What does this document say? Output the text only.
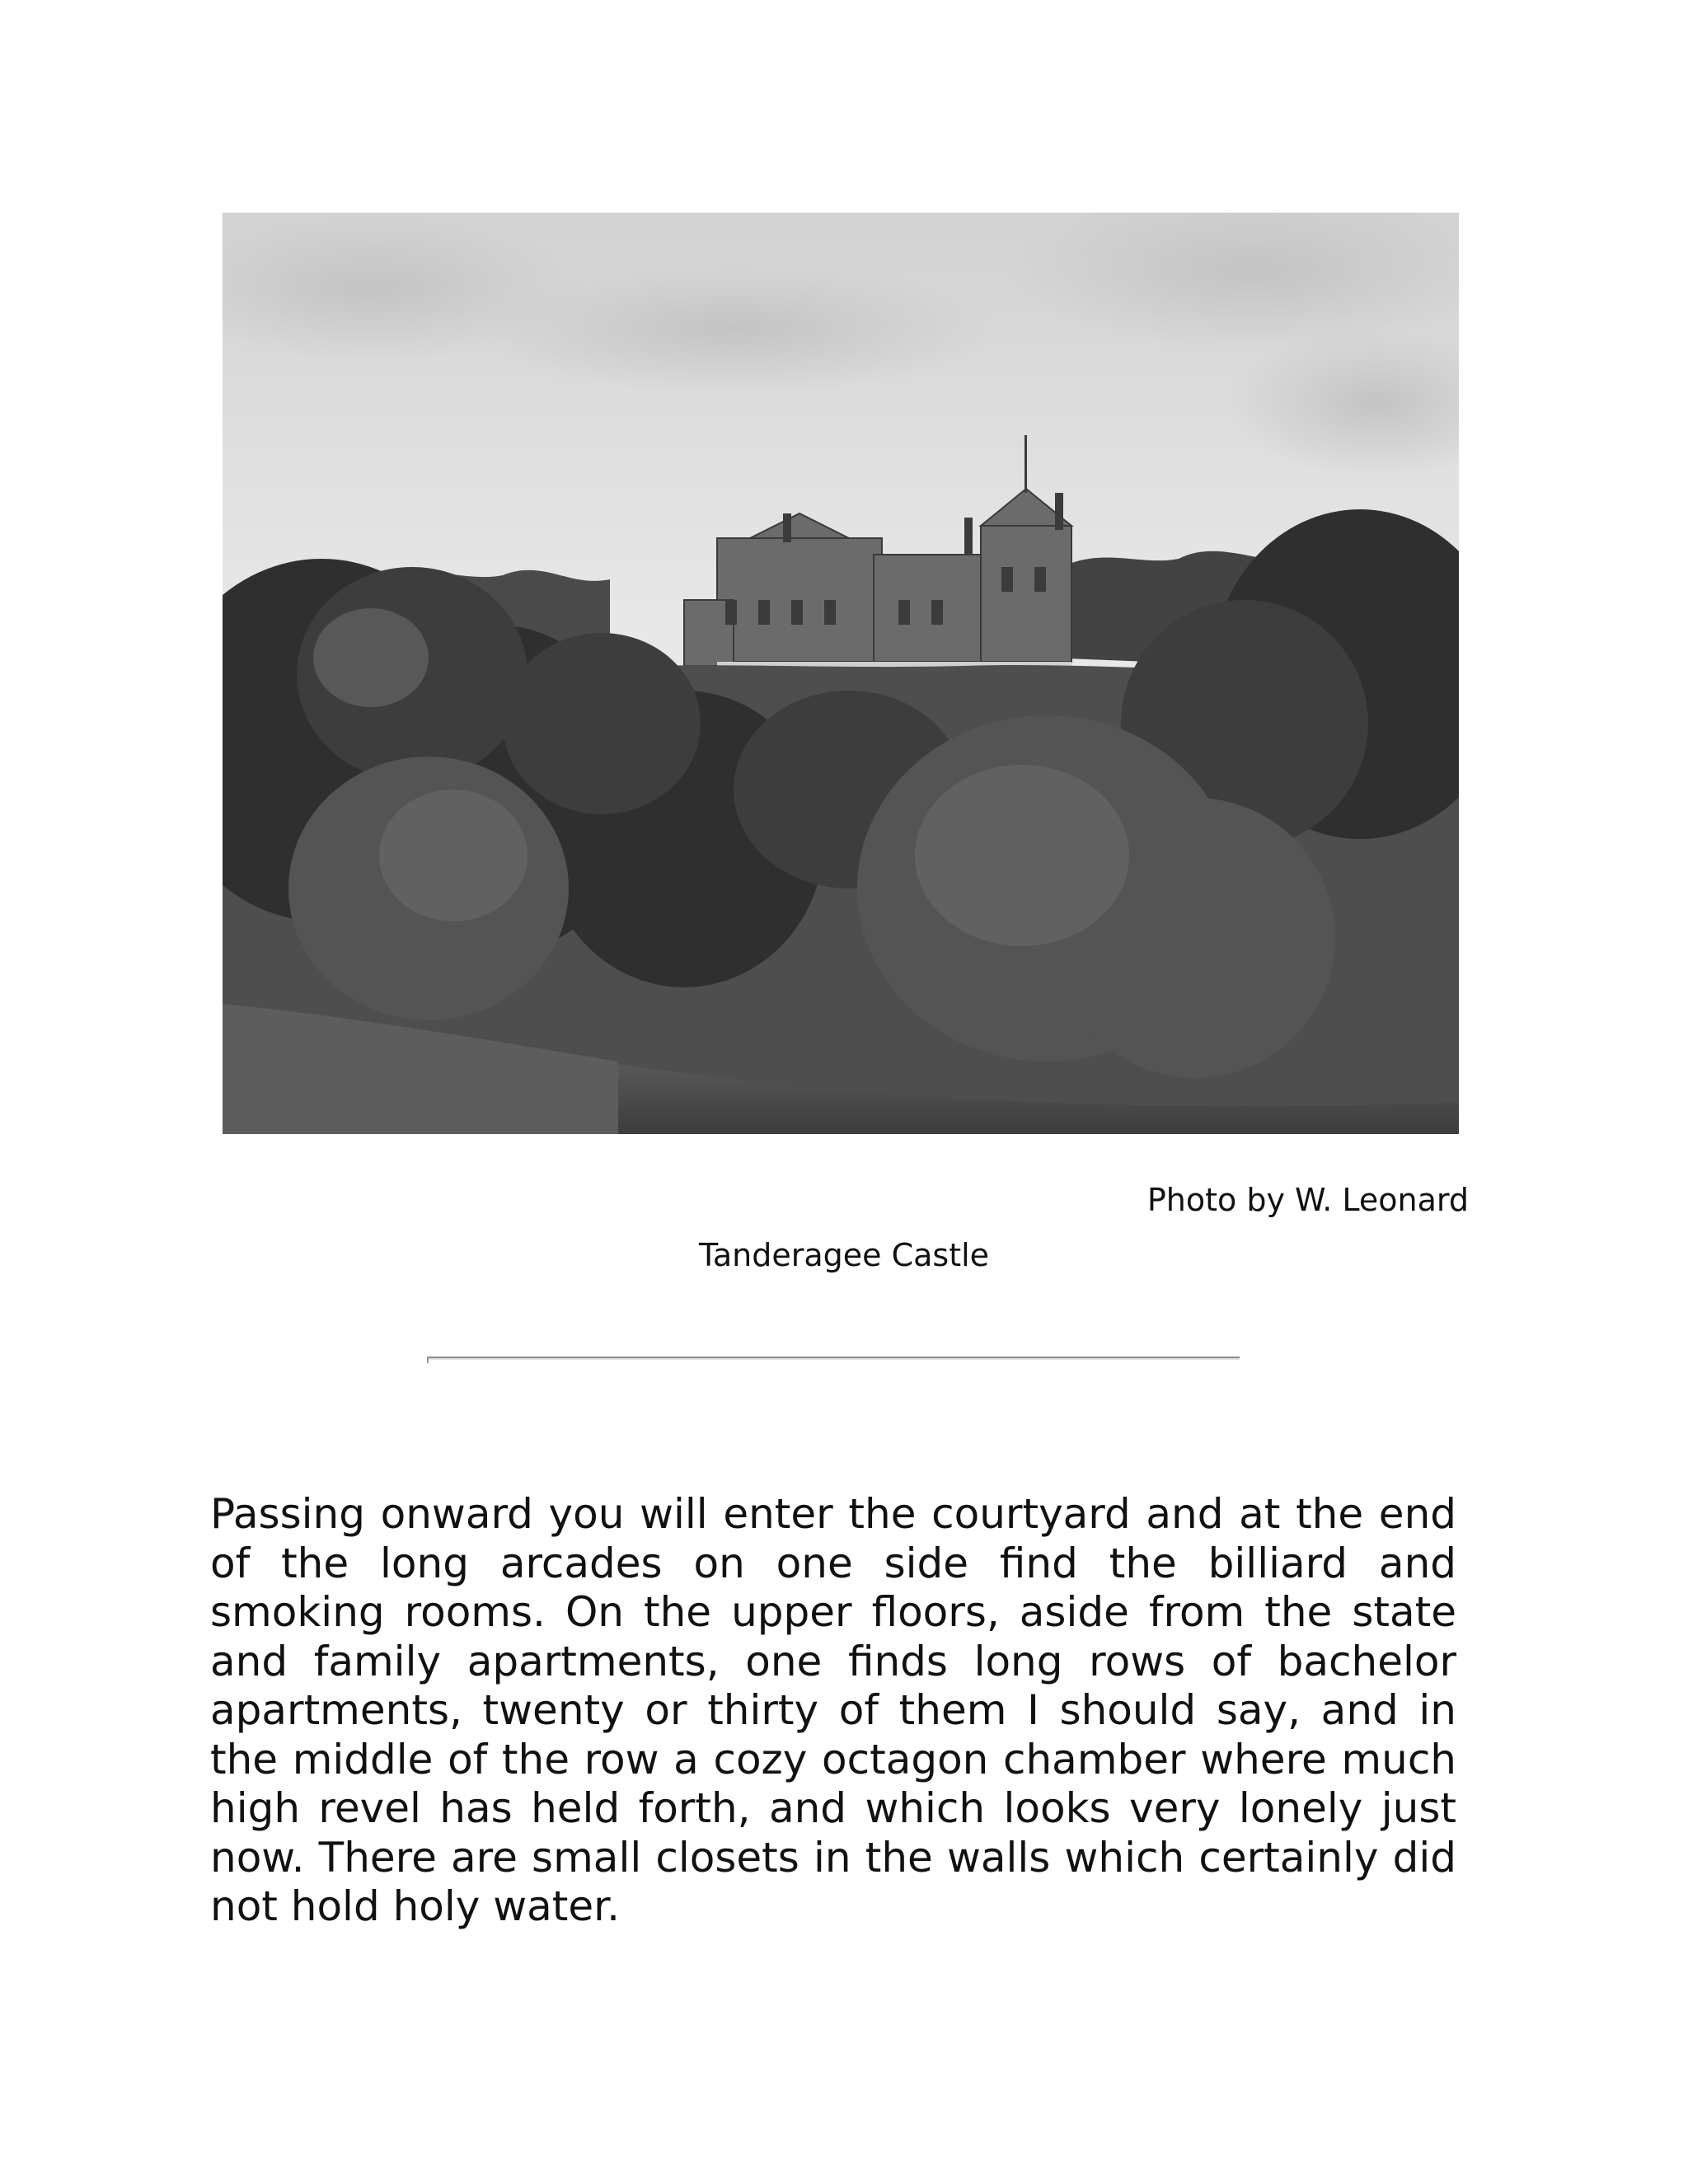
Photo by W. Leonard
Tanderagee Castle

Passing onward you will enter the courtyard and at the end of the long arcades on one side find the billiard and smoking rooms. On the upper floors, aside from the state and family apartments, one finds long rows of bachelor apartments, twenty or thirty of them I should say, and in the middle of the row a cozy octagon chamber where much high revel has held forth, and which looks very lonely just now. There are small closets in the walls which certainly did not hold holy water.
